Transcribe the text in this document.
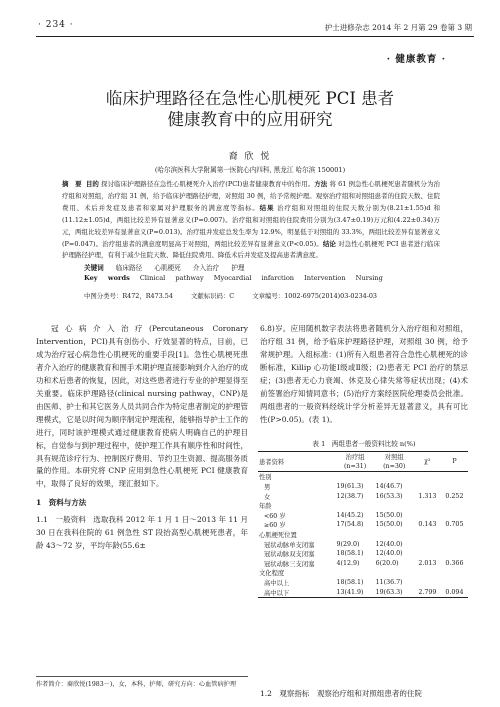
· 234 ·	护士进修杂志 2014 年 2 月第 29 卷第 3 期
· 健康教育 ·
临床护理路径在急性心肌梗死 PCI 患者
健康教育中的应用研究
裔 欣 悦
(哈尔滨医科大学附属第一医院心内四科, 黑龙江 哈尔滨 150001)
摘　要 目的 探讨临床护理路径在急性心肌梗死介入治疗(PCI)患者健康教育中的作用。方法 将 61 例急性心肌梗死患者随机分为治疗组和对照组，治疗组 31 例，给予临床护理路径护理，对照组 30 例，给予常规护理。观察治疗组和对照组患者的住院天数、住院费用、术后并发症及患者和家属对护理服务的满意度等指标。结果 治疗组和对照组的住院天数分别为(8.21±1.55)d 和(11.12±1.05)d，两组比较差异有显著意义(P=0.007)。治疗组和对照组的住院费用分别为(3.47±0.19)万元和(4.22±0.34)万元，两组比较差异有显著意义(P=0.013)。治疗组并发症总发生率为 12.9%，明显低于对照组的 33.3%，两组比较差异有显著意义(P=0.047)。治疗组患者的满意度明显高于对照组，两组比较差异有显著意义(P<0.05)。结论 对急性心肌梗死 PCI 患者进行临床护理路径护理，有利于减少住院天数、降低住院费用、降低术后并发症及提高患者满意度。
关键词 临床路径 心肌梗死 介入治疗 护理
Key words Clinical pathway Myocardial infarction Intervention Nursing
中图分类号：R472，R473.54	文献标识码：C	文章编号：1002-6975(2014)03-0234-03
冠心病介入治疗(Percutaneous Coronary Intervention，PCI)具有创伤小、疗效显著的特点，目前，已成为治疗冠心病急性心肌梗死的重要手段[1]。急性心肌梗死患者介入治疗的健康教育和围手术期护理直接影响到介入治疗的成功和术后患者的恢复，因此，对这些患者进行专业的护理显得至关重要。临床护理路径(clinical nursing pathway，CNP)是由医师、护士和其它医务人员共同合作为特定患者制定的护理管理模式，它是以时间为顺序制定护理流程，能够指导护士工作的进行，同时该护理模式通过健康教育使病人明确自己的护理目标，自觉参与到护理过程中，使护理工作具有顺序性和时间性，具有规范诊疗行为、控制医疗费用、节约卫生资源、提高服务质量的作用。本研究将 CNP 应用到急性心肌梗死 PCI 健康教育中，取得了良好的效果，现汇报如下。
1　资料与方法
1.1　一般资料　选取我科 2012 年 1 月 1 日～2013 年 11 月 30 日在我科住院的 61 例急性 ST 段抬高型心肌梗死患者，年龄 43～72 岁，平均年龄(55.6±
6.8)岁。应用随机数字表法将患者随机分入治疗组和对照组，治疗组 31 例，给予临床护理路径护理，对照组 30 例，给予常规护理。入组标准：(1)所有入组患者符合急性心肌梗死的诊断标准，Killip 心功能Ⅰ级或Ⅱ级；(2)患者无 PCI 治疗的禁忌症；(3)患者无心力衰竭、休克及心律失常等症状出现；(4)术前签署治疗知情同意书；(5)治疗方案经医院伦理委员会批准。两组患者的一般资料经统计学分析差异无显著意义，具有可比性(P>0.05)。(表 1)。
表 1　两组患者一般资料比较 n(%)
患者资料	治疗组	对照组	χ²	P
	(n=31)	(n=30)		
性别				
男	19(61.3)	14(46.7)		
女	12(38.7)	16(53.3)	1.313	0.252
年龄				
<60 岁	14(45.2)	15(50.0)		
≥60 岁	17(54.8)	15(50.0)	0.143	0.705
心肌梗死位置				
冠状动脉单支闭塞	9(29.0)	12(40.0)		
冠状动脉双支闭塞	18(58.1)	12(40.0)		
冠状动脉三支闭塞	4(12.9)	6(20.0)	2.013	0.366
文化程度				
高中以上	18(58.1)	11(36.7)		
高中以下	13(41.9)	19(63.3)	2.799	0.094
作者简介：裔欣悦(1983－)，女，本科，护师，研究方向：心血管病护理
1.2　观察指标　观察治疗组和对照组患者的住院
